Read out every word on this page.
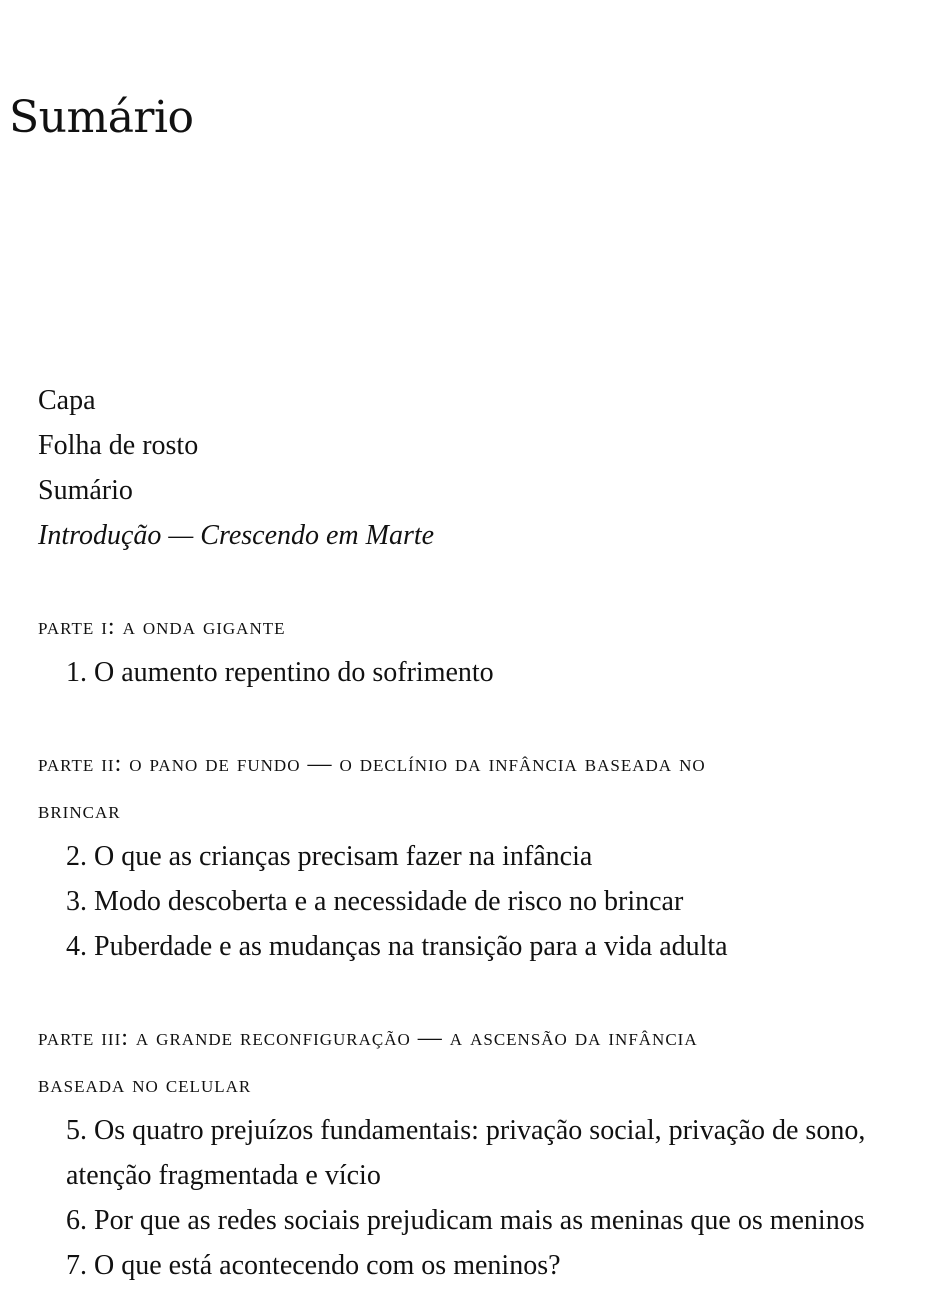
Sumário
Capa
Folha de rosto
Sumário
Introdução — Crescendo em Marte
parte i: a onda gigante
1. O aumento repentino do sofrimento
parte ii: o pano de fundo — o declínio da infância baseada no
brincar
2. O que as crianças precisam fazer na infância
3. Modo descoberta e a necessidade de risco no brincar
4. Puberdade e as mudanças na transição para a vida adulta
parte iii: a grande reconfiguração — a ascensão da infância
baseada no celular
5. Os quatro prejuízos fundamentais: privação social, privação de sono,
atenção fragmentada e vício
6. Por que as redes sociais prejudicam mais as meninas que os meninos
7. O que está acontecendo com os meninos?
